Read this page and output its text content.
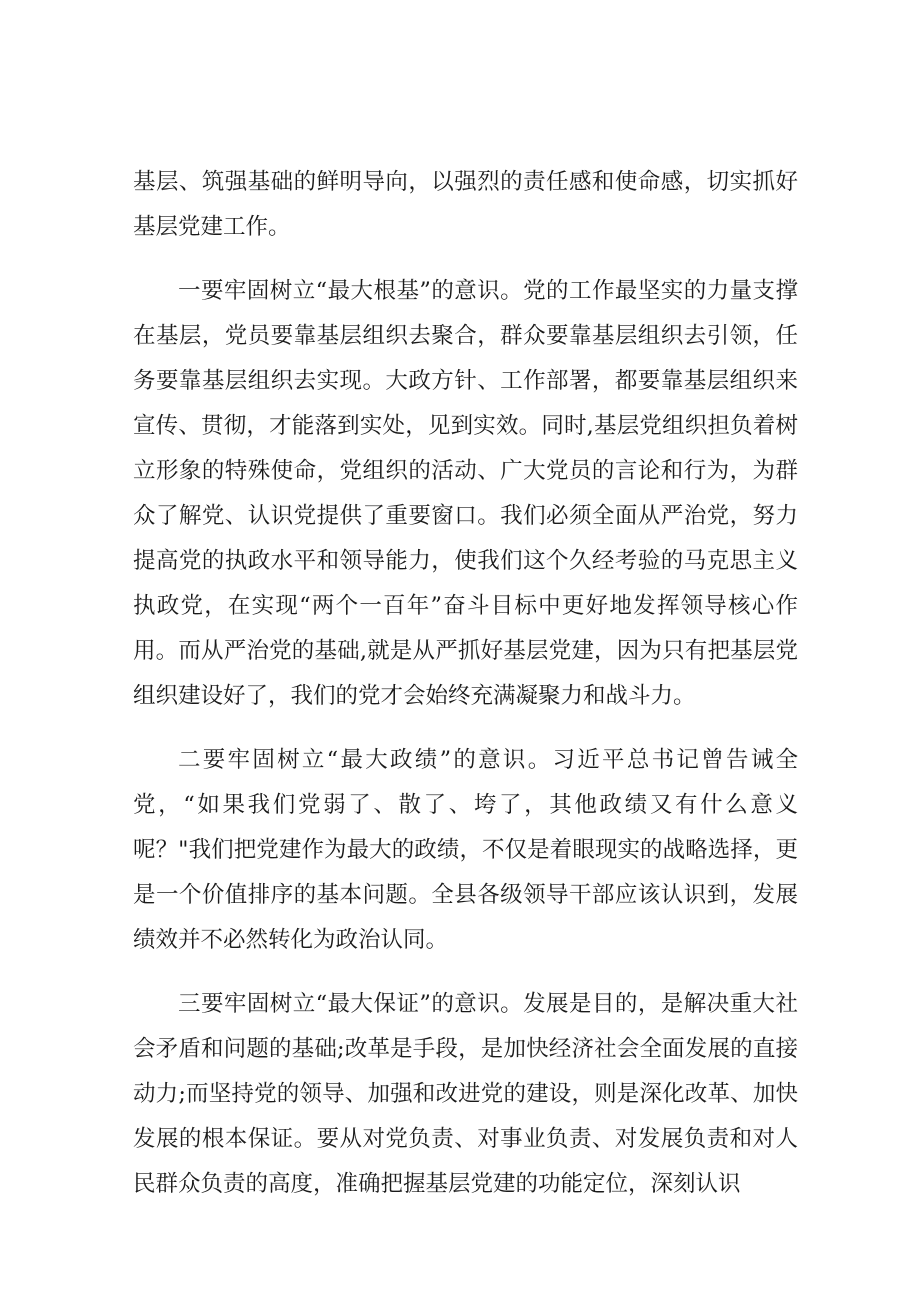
基层、筑强基础的鲜明导向，以强烈的责任感和使命感，切实抓好基层党建工作。

一要牢固树立“最大根基”的意识。党的工作最坚实的力量支撑在基层，党员要靠基层组织去聚合，群众要靠基层组织去引领，任务要靠基层组织去实现。大政方针、工作部署，都要靠基层组织来宣传、贯彻，才能落到实处，见到实效。同时,基层党组织担负着树立形象的特殊使命，党组织的活动、广大党员的言论和行为，为群众了解党、认识党提供了重要窗口。我们必须全面从严治党，努力提高党的执政水平和领导能力，使我们这个久经考验的马克思主义执政党，在实现“两个一百年”奋斗目标中更好地发挥领导核心作用。而从严治党的基础,就是从严抓好基层党建，因为只有把基层党组织建设好了，我们的党才会始终充满凝聚力和战斗力。

二要牢固树立“最大政绩”的意识。习近平总书记曾告诫全党，“如果我们党弱了、散了、垮了，其他政绩又有什么意义呢？"我们把党建作为最大的政绩，不仅是着眼现实的战略选择，更是一个价值排序的基本问题。全县各级领导干部应该认识到，发展绩效并不必然转化为政治认同。

三要牢固树立“最大保证”的意识。发展是目的，是解决重大社会矛盾和问题的基础;改革是手段，是加快经济社会全面发展的直接动力;而坚持党的领导、加强和改进党的建设，则是深化改革、加快发展的根本保证。要从对党负责、对事业负责、对发展负责和对人民群众负责的高度，准确把握基层党建的功能定位，深刻认识
